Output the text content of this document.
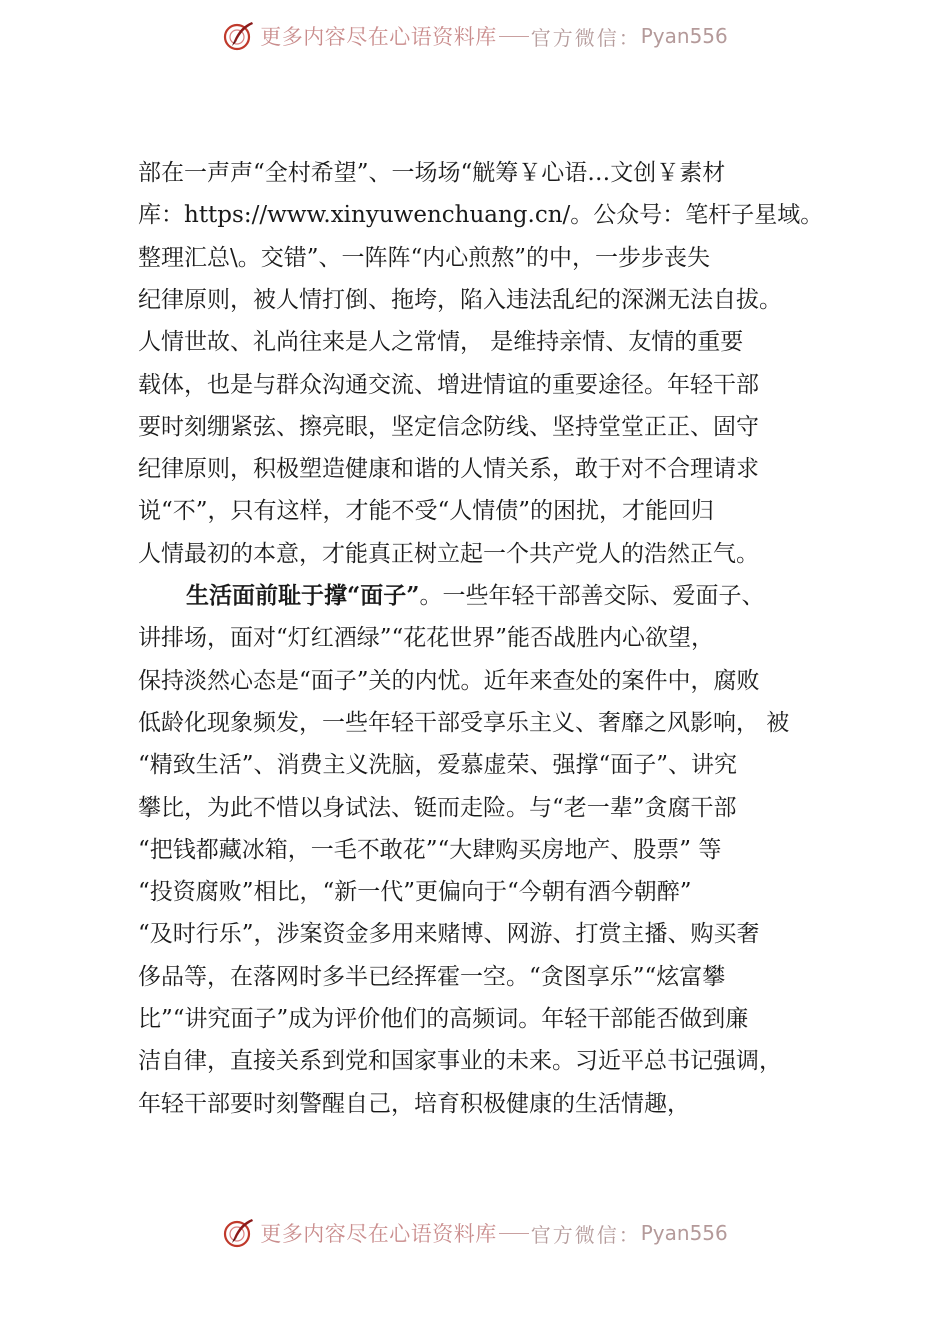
更多内容尽在心语资料库 官方微信： Pyan556
部在一声声“全村希望”、一场场“觥筹￥心语…文创￥素材
库：https://www.xinyuwenchuang.cn/。公众号：笔杆子星域。
整理汇总\。交错”、一阵阵“内心煎熬”的中，一步步丧失
纪律原则，被人情打倒、拖垮，陷入违法乱纪的深渊无法自拔。
人情世故、礼尚往来是人之常情， 是维持亲情、友情的重要
载体，也是与群众沟通交流、增进情谊的重要途径。年轻干部
要时刻绷紧弦、擦亮眼，坚定信念防线、坚持堂堂正正、固守
纪律原则，积极塑造健康和谐的人情关系，敢于对不合理请求
说“不”，只有这样，才能不受“人情债”的困扰，才能回归
人情最初的本意，才能真正树立起一个共产党人的浩然正气。
生活面前耻于撑“面子”。一些年轻干部善交际、爱面子、
讲排场，面对“灯红酒绿”“花花世界”能否战胜内心欲望，
保持淡然心态是“面子”关的内忧。近年来查处的案件中，腐败
低龄化现象频发，一些年轻干部受享乐主义、奢靡之风影响， 被
“精致生活”、消费主义洗脑，爱慕虚荣、强撑“面子”、讲究
攀比，为此不惜以身试法、铤而走险。与“老一辈”贪腐干部
“把钱都藏冰箱，一毛不敢花”“大肆购买房地产、股票” 等
“投资腐败”相比，“新一代”更偏向于“今朝有酒今朝醉”
“及时行乐”，涉案资金多用来赌博、网游、打赏主播、购买奢
侈品等，在落网时多半已经挥霍一空。“贪图享乐”“炫富攀
比”“讲究面子”成为评价他们的高频词。年轻干部能否做到廉
洁自律，直接关系到党和国家事业的未来。习近平总书记强调，
年轻干部要时刻警醒自己，培育积极健康的生活情趣，
更多内容尽在心语资料库 官方微信： Pyan556
